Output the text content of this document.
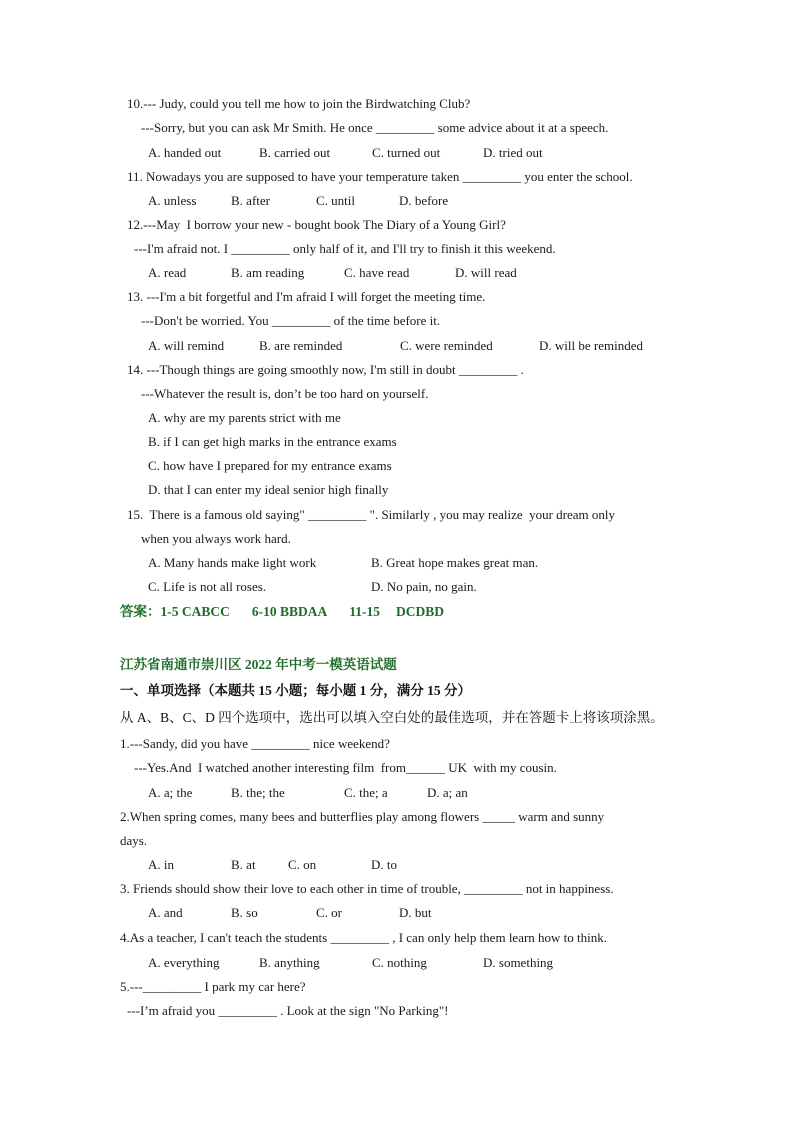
10.--- Judy, could you tell me how to join the Birdwatching Club?
---Sorry, but you can ask Mr Smith. He once _________ some advice about it at a speech.
A. handed out	B. carried out	C. turned out	D. tried out
11. Nowadays you are supposed to have your temperature taken _________ you enter the school.
A. unless	B. after	C. until	D. before
12.---May  I borrow your new - bought book The Diary of a Young Girl?
---I'm afraid not. I _________ only half of it, and I'll try to finish it this weekend.
A. read	B. am reading	C. have read	D. will read
13. ---I'm a bit forgetful and I'm afraid I will forget the meeting time.
---Don't be worried. You _________ of the time before it.
A. will remind	B. are reminded	C. were reminded	D. will be reminded
14. ---Though things are going smoothly now, I'm still in doubt _________ .
---Whatever the result is, don’t be too hard on yourself.
A. why are my parents strict with me
B. if I can get high marks in the entrance exams
C. how have I prepared for my entrance exams
D. that I can enter my ideal senior high finally
15.  There is a famous old saying" _________ ". Similarly , you may realize  your dream only
when you always work hard.
A. Many hands make light work	B. Great hope makes great man.
C. Life is not all roses.	D. No pain, no gain.
答案：1-5 CABCC 6-10 BBDAA 11-15 DCDBD
江苏省南通市崇川区 2022 年中考一模英语试题
一、单项选择（本题共 15 小题；每小题 1 分，满分 15 分）
从 A、B、C、D 四个选项中，选出可以填入空白处的最佳选项，并在答题卡上将该项涂黑。
1.---Sandy, did you have _________ nice weekend?
---Yes.And  I watched another interesting film  from______ UK  with my cousin.
A. a; the	B. the; the	C. the; a	D. a; an
2.When spring comes, many bees and butterflies play among flowers _____ warm and sunny
days.
A. in	B. at C. on	D. to
3. Friends should show their love to each other in time of trouble, _________ not in happiness.
A. and	B. so	C. or	D. but
4.As a teacher, I can't teach the students _________ , I can only help them learn how to think.
A. everything	B. anything	C. nothing	D. something
5.---_________ I park my car here?
---I’m afraid you _________ . Look at the sign "No Parking"!
